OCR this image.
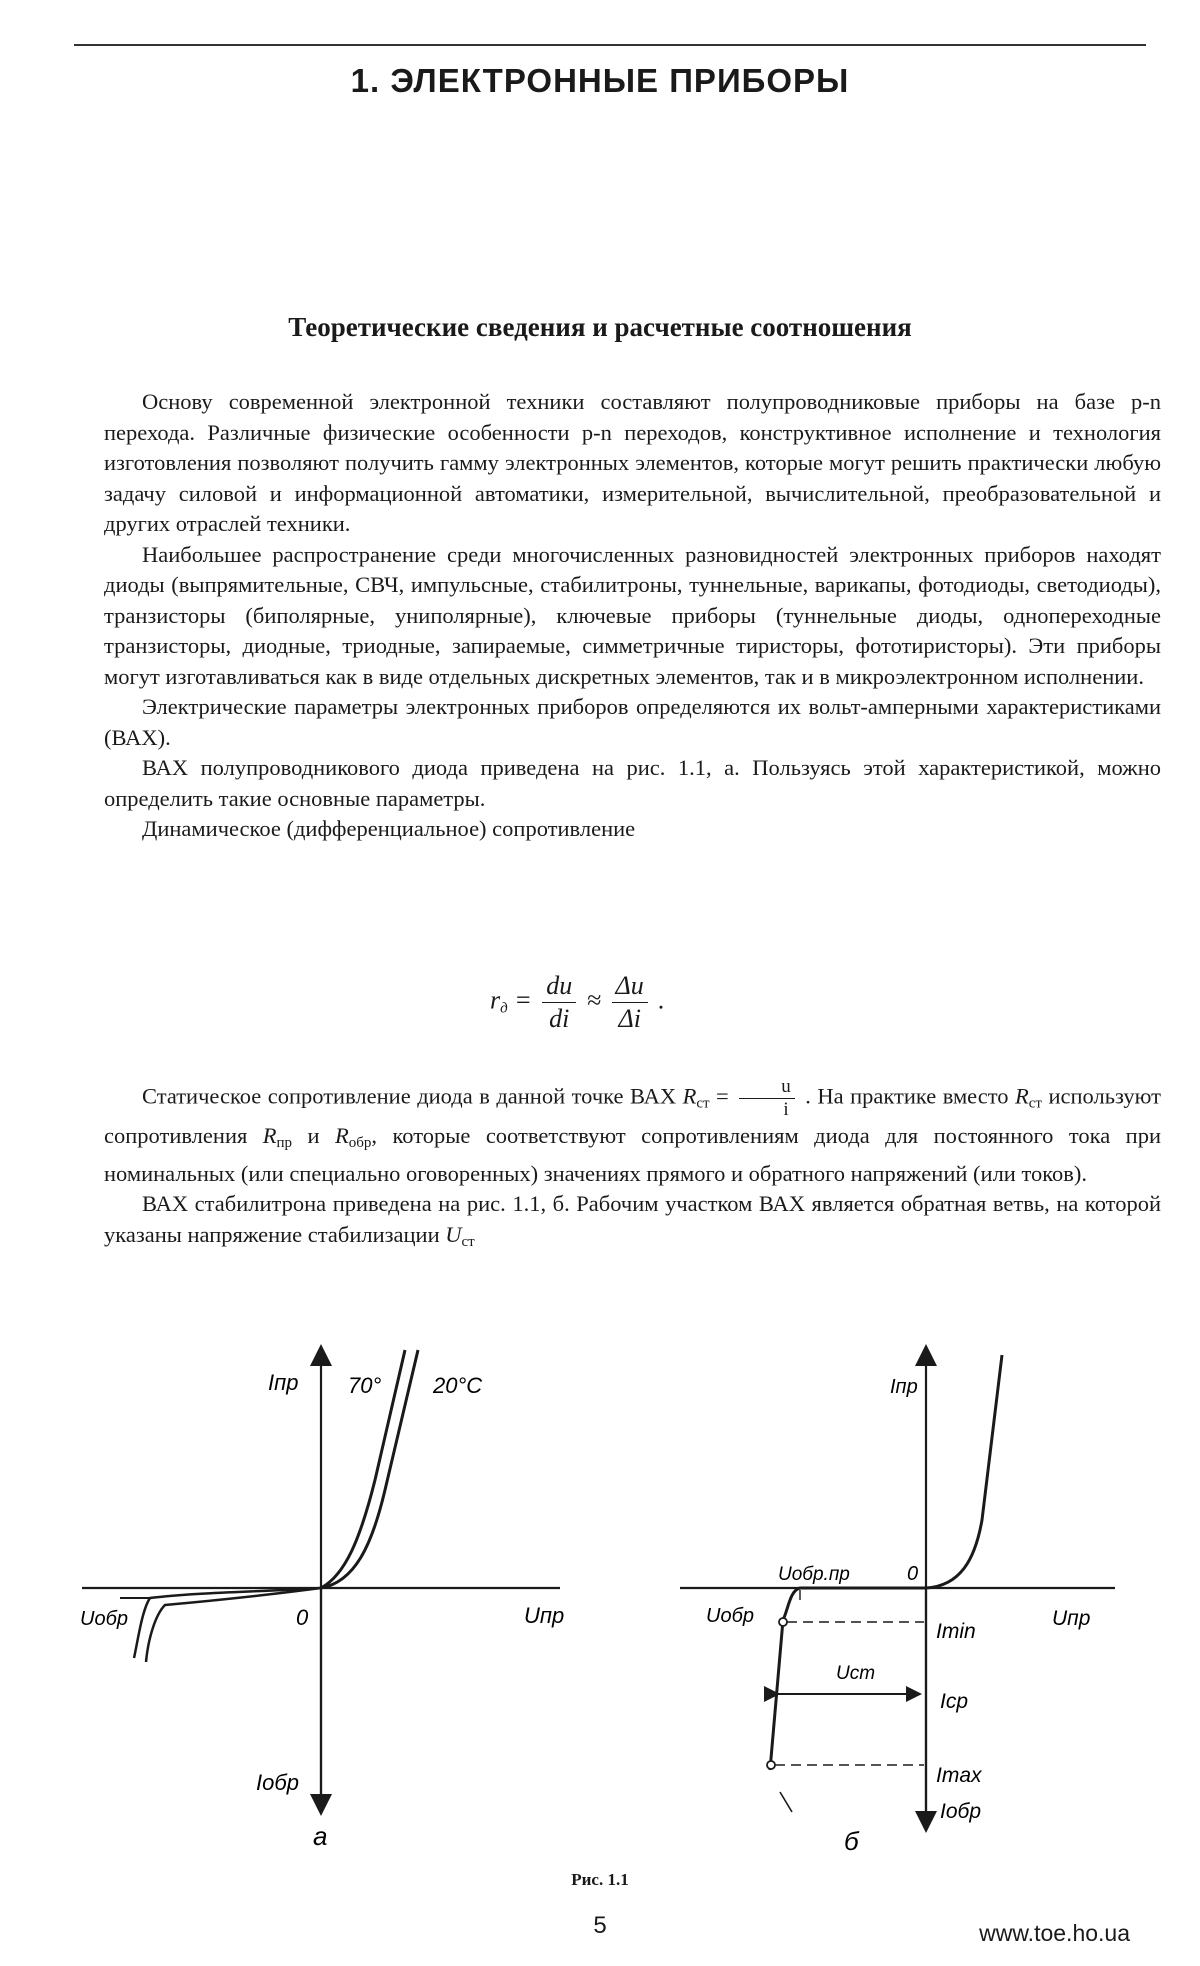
1. ЭЛЕКТРОННЫЕ ПРИБОРЫ
Теоретические сведения и расчетные соотношения
Основу современной электронной техники составляют полупроводниковые приборы на базе p-n перехода. Различные физические особенности p-n переходов, конструктивное исполнение и технология изготовления позволяют получить гамму электронных элементов, которые могут решить практически любую задачу силовой и информационной автоматики, измерительной, вычислительной, преобразовательной и других отраслей техники.
Наибольшее распространение среди многочисленных разновидностей электронных приборов находят диоды (выпрямительные, СВЧ, импульсные, стабилитроны, туннельные, варикапы, фотодиоды, светодиоды), транзисторы (биполярные, униполярные), ключевые приборы (туннельные диоды, однопереходные транзисторы, диодные, триодные, запираемые, симметричные тиристоры, фототиристоры). Эти приборы могут изготавливаться как в виде отдельных дискретных элементов, так и в микроэлектронном исполнении.
Электрические параметры электронных приборов определяются их вольт-амперными характеристиками (ВАХ).
ВАХ полупроводникового диода приведена на рис. 1.1, а. Пользуясь этой характеристикой, можно определить такие основные параметры.
Динамическое (дифференциальное) сопротивление
$r_д = \frac{du}{di} \approx \frac{\Delta u}{\Delta i}$ .
Статическое сопротивление диода в данной точке ВАХ $R_{ст} = \frac{u}{i}$ . На практике вместо $R_{ст}$ используют сопротивления $R_{пр}$ и $R_{обр}$, которые соответствуют сопротивлениям диода для постоянного тока при номинальных (или специально оговоренных) значениях прямого и обратного напряжений (или токов).
ВАХ стабилитрона приведена на рис. 1.1, б. Рабочим участком ВАХ является обратная ветвь, на которой указаны напряжение стабилизации $U_{ст}$
Iпр 70° 20°C
Uобр	0	Uпр
Iобр
а
Iпр
Uобр.пр	0
Uобр	Uпр
Imin
Uст
Icp
Imax
Iобр
б
Рис. 1.1
5	www.toe.ho.ua
